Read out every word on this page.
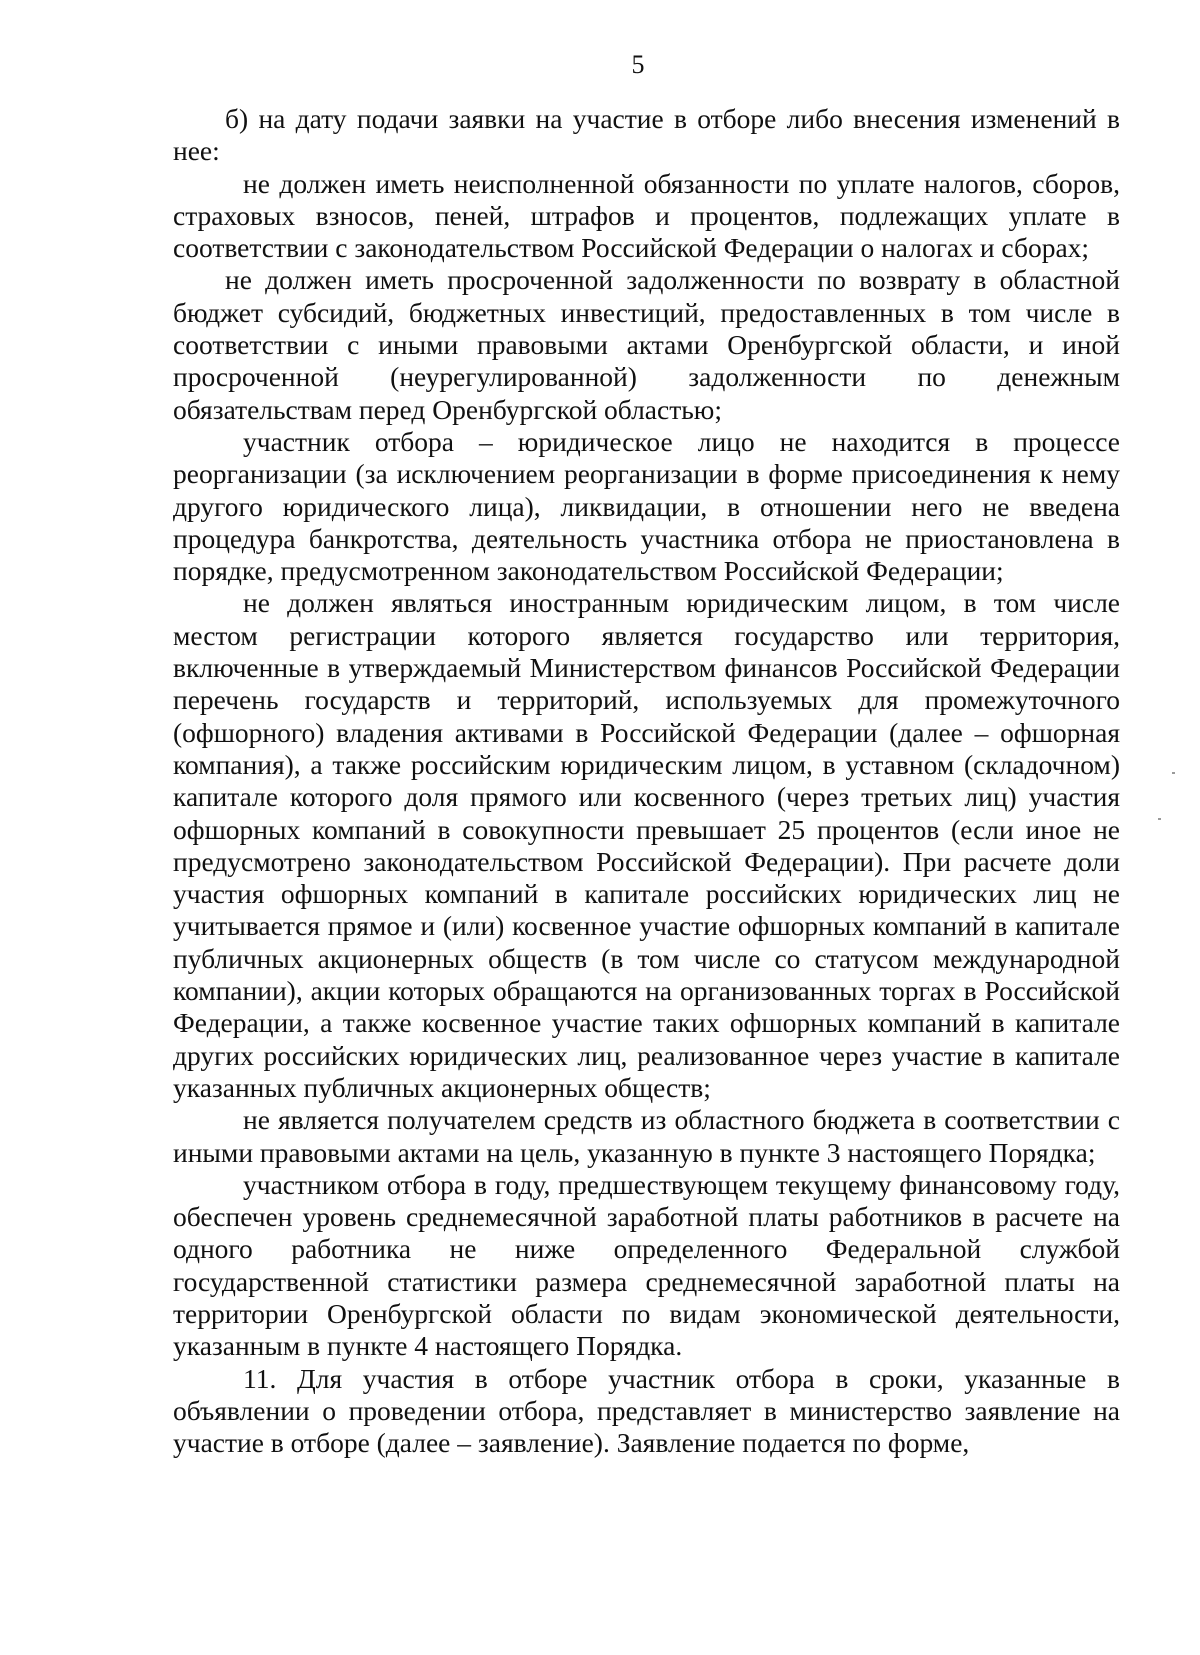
5

б) на дату подачи заявки на участие в отборе либо внесения изменений в нее:

не должен иметь неисполненной обязанности по уплате налогов, сборов, страховых взносов, пеней, штрафов и процентов, подлежащих уплате в соответствии с законодательством Российской Федерации о налогах и сборах;

не должен иметь просроченной задолженности по возврату в областной бюджет субсидий, бюджетных инвестиций, предоставленных в том числе в соответствии с иными правовыми актами Оренбургской области, и иной просроченной (неурегулированной) задолженности по денежным обязательствам перед Оренбургской областью;

участник отбора – юридическое лицо не находится в процессе реорганизации (за исключением реорганизации в форме присоединения к нему другого юридического лица), ликвидации, в отношении него не введена процедура банкротства, деятельность участника отбора не приостановлена в порядке, предусмотренном законодательством Российской Федерации;

не должен являться иностранным юридическим лицом, в том числе местом регистрации которого является государство или территория, включенные в утверждаемый Министерством финансов Российской Федерации перечень государств и территорий, используемых для промежуточного (офшорного) владения активами в Российской Федерации (далее – офшорная компания), а также российским юридическим лицом, в уставном (складочном) капитале которого доля прямого или косвенного (через третьих лиц) участия офшорных компаний в совокупности превышает 25 процентов (если иное не предусмотрено законодательством Российской Федерации). При расчете доли участия офшорных компаний в капитале российских юридических лиц не учитывается прямое и (или) косвенное участие офшорных компаний в капитале публичных акционерных обществ (в том числе со статусом международной компании), акции которых обращаются на организованных торгах в Российской Федерации, а также косвенное участие таких офшорных компаний в капитале других российских юридических лиц, реализованное через участие в капитале указанных публичных акционерных обществ;

не является получателем средств из областного бюджета в соответствии с иными правовыми актами на цель, указанную в пункте 3 настоящего Порядка;

участником отбора в году, предшествующем текущему финансовому году, обеспечен уровень среднемесячной заработной платы работников в расчете на одного работника не ниже определенного Федеральной службой государственной статистики размера среднемесячной заработной платы на территории Оренбургской области по видам экономической деятельности, указанным в пункте 4 настоящего Порядка.

11. Для участия в отборе участник отбора в сроки, указанные в объявлении о проведении отбора, представляет в министерство заявление на участие в отборе (далее – заявление). Заявление подается по форме,
